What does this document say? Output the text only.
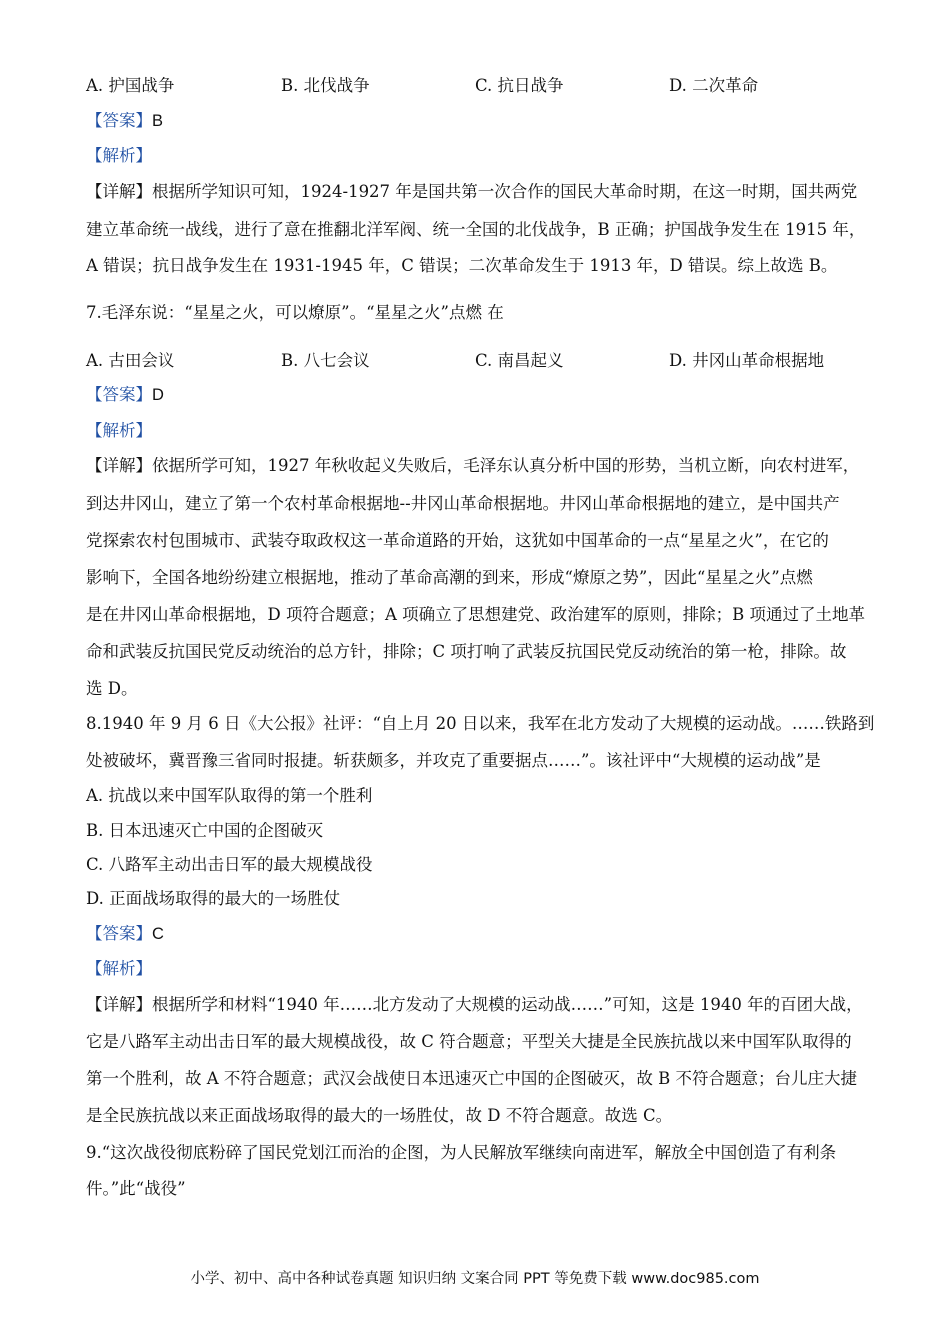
A. 护国战争	B. 北伐战争	C. 抗日战争	D. 二次革命
【答案】B
【解析】
【详解】根据所学知识可知，1924-1927 年是国共第一次合作的国民大革命时期，在这一时期，国共两党
建立革命统一战线，进行了意在推翻北洋军阀、统一全国的北伐战争，B 正确；护国战争发生在 1915 年，
A 错误；抗日战争发生在 1931-1945 年，C 错误；二次革命发生于 1913 年，D 错误。综上故选 B。
7.毛泽东说：“星星之火，可以燎原”。“星星之火”点燃 在
A. 古田会议	B. 八七会议	C. 南昌起义	D. 井冈山革命根据地
【答案】D
【解析】
【详解】依据所学可知，1927 年秋收起义失败后，毛泽东认真分析中国的形势，当机立断，向农村进军，
到达井冈山，建立了第一个农村革命根据地--井冈山革命根据地。井冈山革命根据地的建立，是中国共产
党探索农村包围城市、武装夺取政权这一革命道路的开始，这犹如中国革命的一点“星星之火”，在它的
影响下，全国各地纷纷建立根据地，推动了革命高潮的到来，形成“燎原之势”，因此“星星之火”点燃
是在井冈山革命根据地，D 项符合题意；A 项确立了思想建党、政治建军的原则，排除；B 项通过了土地革
命和武装反抗国民党反动统治的总方针，排除；C 项打响了武装反抗国民党反动统治的第一枪，排除。故
选 D。
8.1940 年 9 月 6 日《大公报》社评：“自上月 20 日以来，我军在北方发动了大规模的运动战。……铁路到
处被破坏，冀晋豫三省同时报捷。斩获颇多，并攻克了重要据点……”。该社评中“大规模的运动战”是
A. 抗战以来中国军队取得的第一个胜利
B. 日本迅速灭亡中国的企图破灭
C. 八路军主动出击日军的最大规模战役
D. 正面战场取得的最大的一场胜仗
【答案】C
【解析】
【详解】根据所学和材料“1940 年……北方发动了大规模的运动战……”可知，这是 1940 年的百团大战，
它是八路军主动出击日军的最大规模战役，故 C 符合题意；平型关大捷是全民族抗战以来中国军队取得的
第一个胜利，故 A 不符合题意；武汉会战使日本迅速灭亡中国的企图破灭，故 B 不符合题意；台儿庄大捷
是全民族抗战以来正面战场取得的最大的一场胜仗，故 D 不符合题意。故选 C。
9.“这次战役彻底粉碎了国民党划江而治的企图，为人民解放军继续向南进军，解放全中国创造了有利条
件。”此“战役”
小学、初中、高中各种试卷真题 知识归纳 文案合同 PPT 等免费下载 www.doc985.com
